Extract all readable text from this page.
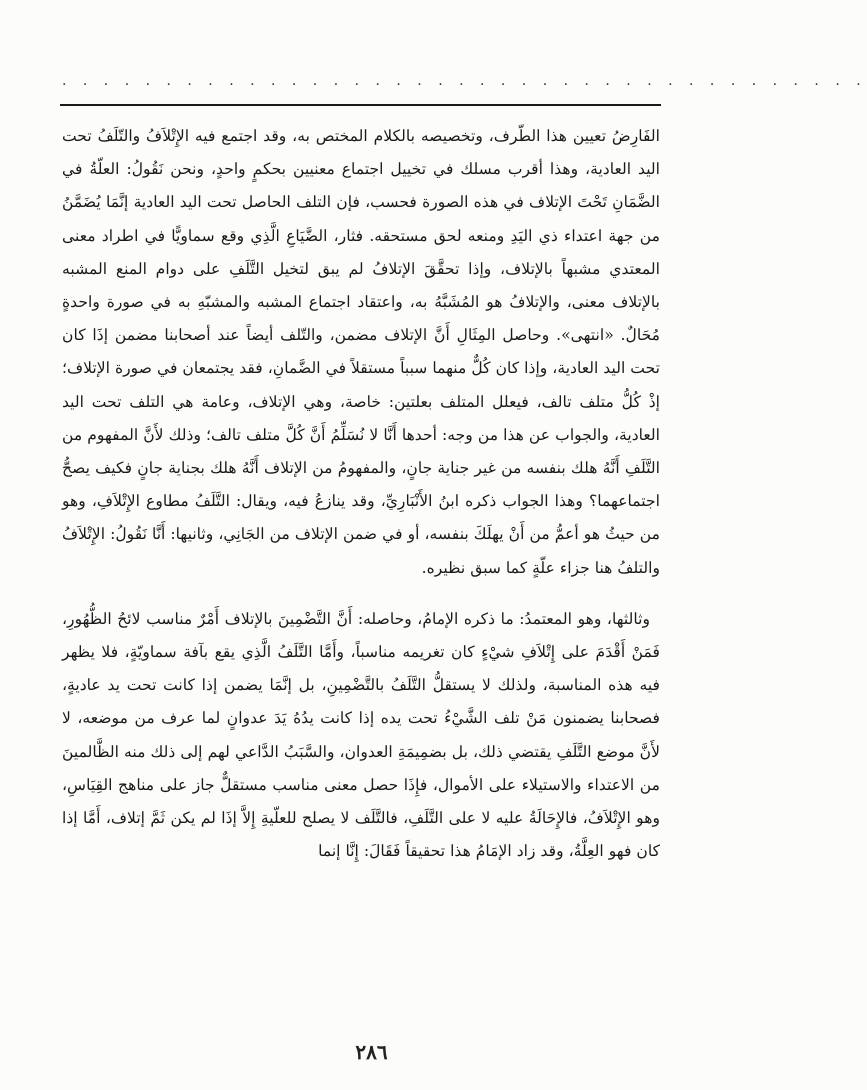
· · · · · · · · · · · · · · · · · · · · · · · · · · · · · · · · · · · · · · ·

الفَارِضُ تعيين هذا الطّرف، وتخصيصه بالكلام المختص به، وقد اجتمع فيه الإِتْلاَفُ والتّلَفُ تحت اليد العادية، وهذا أقرب مسلك في تخييل اجتماع معنيين بحكمٍ واحدٍ، ونحن نَقُولُ: العلّةُ في الضَّمَانِ تَحْتَ الإتلاف في هذه الصورة فحسب، فإن التلف الحاصل تحت اليد العادية إنَّمَا يُضَمَّنُ من جهة اعتداء ذي اليَدِ ومنعه لحق مستحقه. فثار، الضَّيَاعِ الَّذِي وقع سماويًّا في اطراد معنى المعتدي مشبهاً بالإتلاف، وإذا تحقَّقَ الإتلافُ لم يبق لتخيل التَّلَفِ على دوام المنع المشبه بالإتلاف معنى، والإتلافُ هو المُشَبَّهُ به، واعتقاد اجتماع المشبه والمشبّهِ به في صورة واحدةٍ مُحَالٌ. «انتهى». وحاصل المِثَالِ أَنَّ الإتلاف مضمن، والتّلف أيضاً عند أصحابنا مضمن إذَا كان تحت اليد العادية، وإذا كان كُلٌّ منهما سبباً مستقلاً في الضَّمانِ، فقد يجتمعان في صورة الإتلاف؛ إذْ كُلُّ متلف تالف، فيعلل المتلف بعلتين: خاصة، وهي الإتلاف، وعامة هي التلف تحت اليد العادية، والجواب عن هذا من وجه: أحدها أَنَّا لا نُسَلِّمُ أَنَّ كُلَّ متلف تالف؛ وذلك لأَنَّ المفهوم من التَّلَفِ أَنَّهُ هلك بنفسه من غير جناية جانٍ، والمفهومُ من الإتلاف أَنَّهُ هلك بجناية جانٍ فكيف يصحُّ اجتماعهما؟ وهذا الجواب ذكره ابنُ الأَنْبَارِيِّ، وقد ينازعُ فيه، ويقال: التَّلَفُ مطاوع الإِتْلاَفِ، وهو من حيثُ هو أعمُّ من أَنْ يهلَكَ بنفسه، أو في ضمن الإتلاف من الجَانِي، وثانيها: أَنَّا نَقُولُ: الإِتْلاَفُ والتلفُ هنا جزاء علّةٍ كما سبق نظيره.

وثالثها، وهو المعتمدُ: ما ذكره الإمامُ، وحاصله: أَنَّ التَّضْمِينَ بالإتلاف أَمْرٌ مناسب لائحُ الظُّهُورِ، فَمَنْ أَقْدَمَ على إِتْلاَفِ شيْءٍ كان تغريمه مناسباً، وأَمَّا التَّلَفُ الَّذِي يقع بآفة سماويّةٍ، فلا يظهر فيه هذه المناسبة، ولذلك لا يستقلُّ التَّلَفُ بالتَّضْمِينِ، بل إنَّمَا يضمن إذا كانت تحت يد عاديةٍ، فصحابنا يضمنون مَنْ تلف الشَّيْءُ تحت يده إذا كانت يدُهُ يَدَ عدوانٍ لما عرف من موضعه، لا لأَنَّ موضع التَّلَفِ يقتضي ذلك، بل بضمِيمَةِ العدوان، والسَّبَبُ الدَّاعي لهم إلى ذلك منه الظَّالمينَ من الاعتداء والاستيلاء على الأموال، فإِذَا حصل معنى مناسب مستقلٌّ جاز على مناهج القِيَاسِ، وهو الإِتْلاَفُ، فالإِحَالَةُ عليه لا على التَّلَفِ، فالتَّلَف لا يصلح للعلّيةِ إِلاَّ إذَا لم يكن ثَمَّ إتلاف، أَمَّا إذا كان فهو العِلَّةُ، وقد زاد الإمَامُ هذا تحقيقاً فَقَالَ: إِنَّا إنما

٢٨٦
